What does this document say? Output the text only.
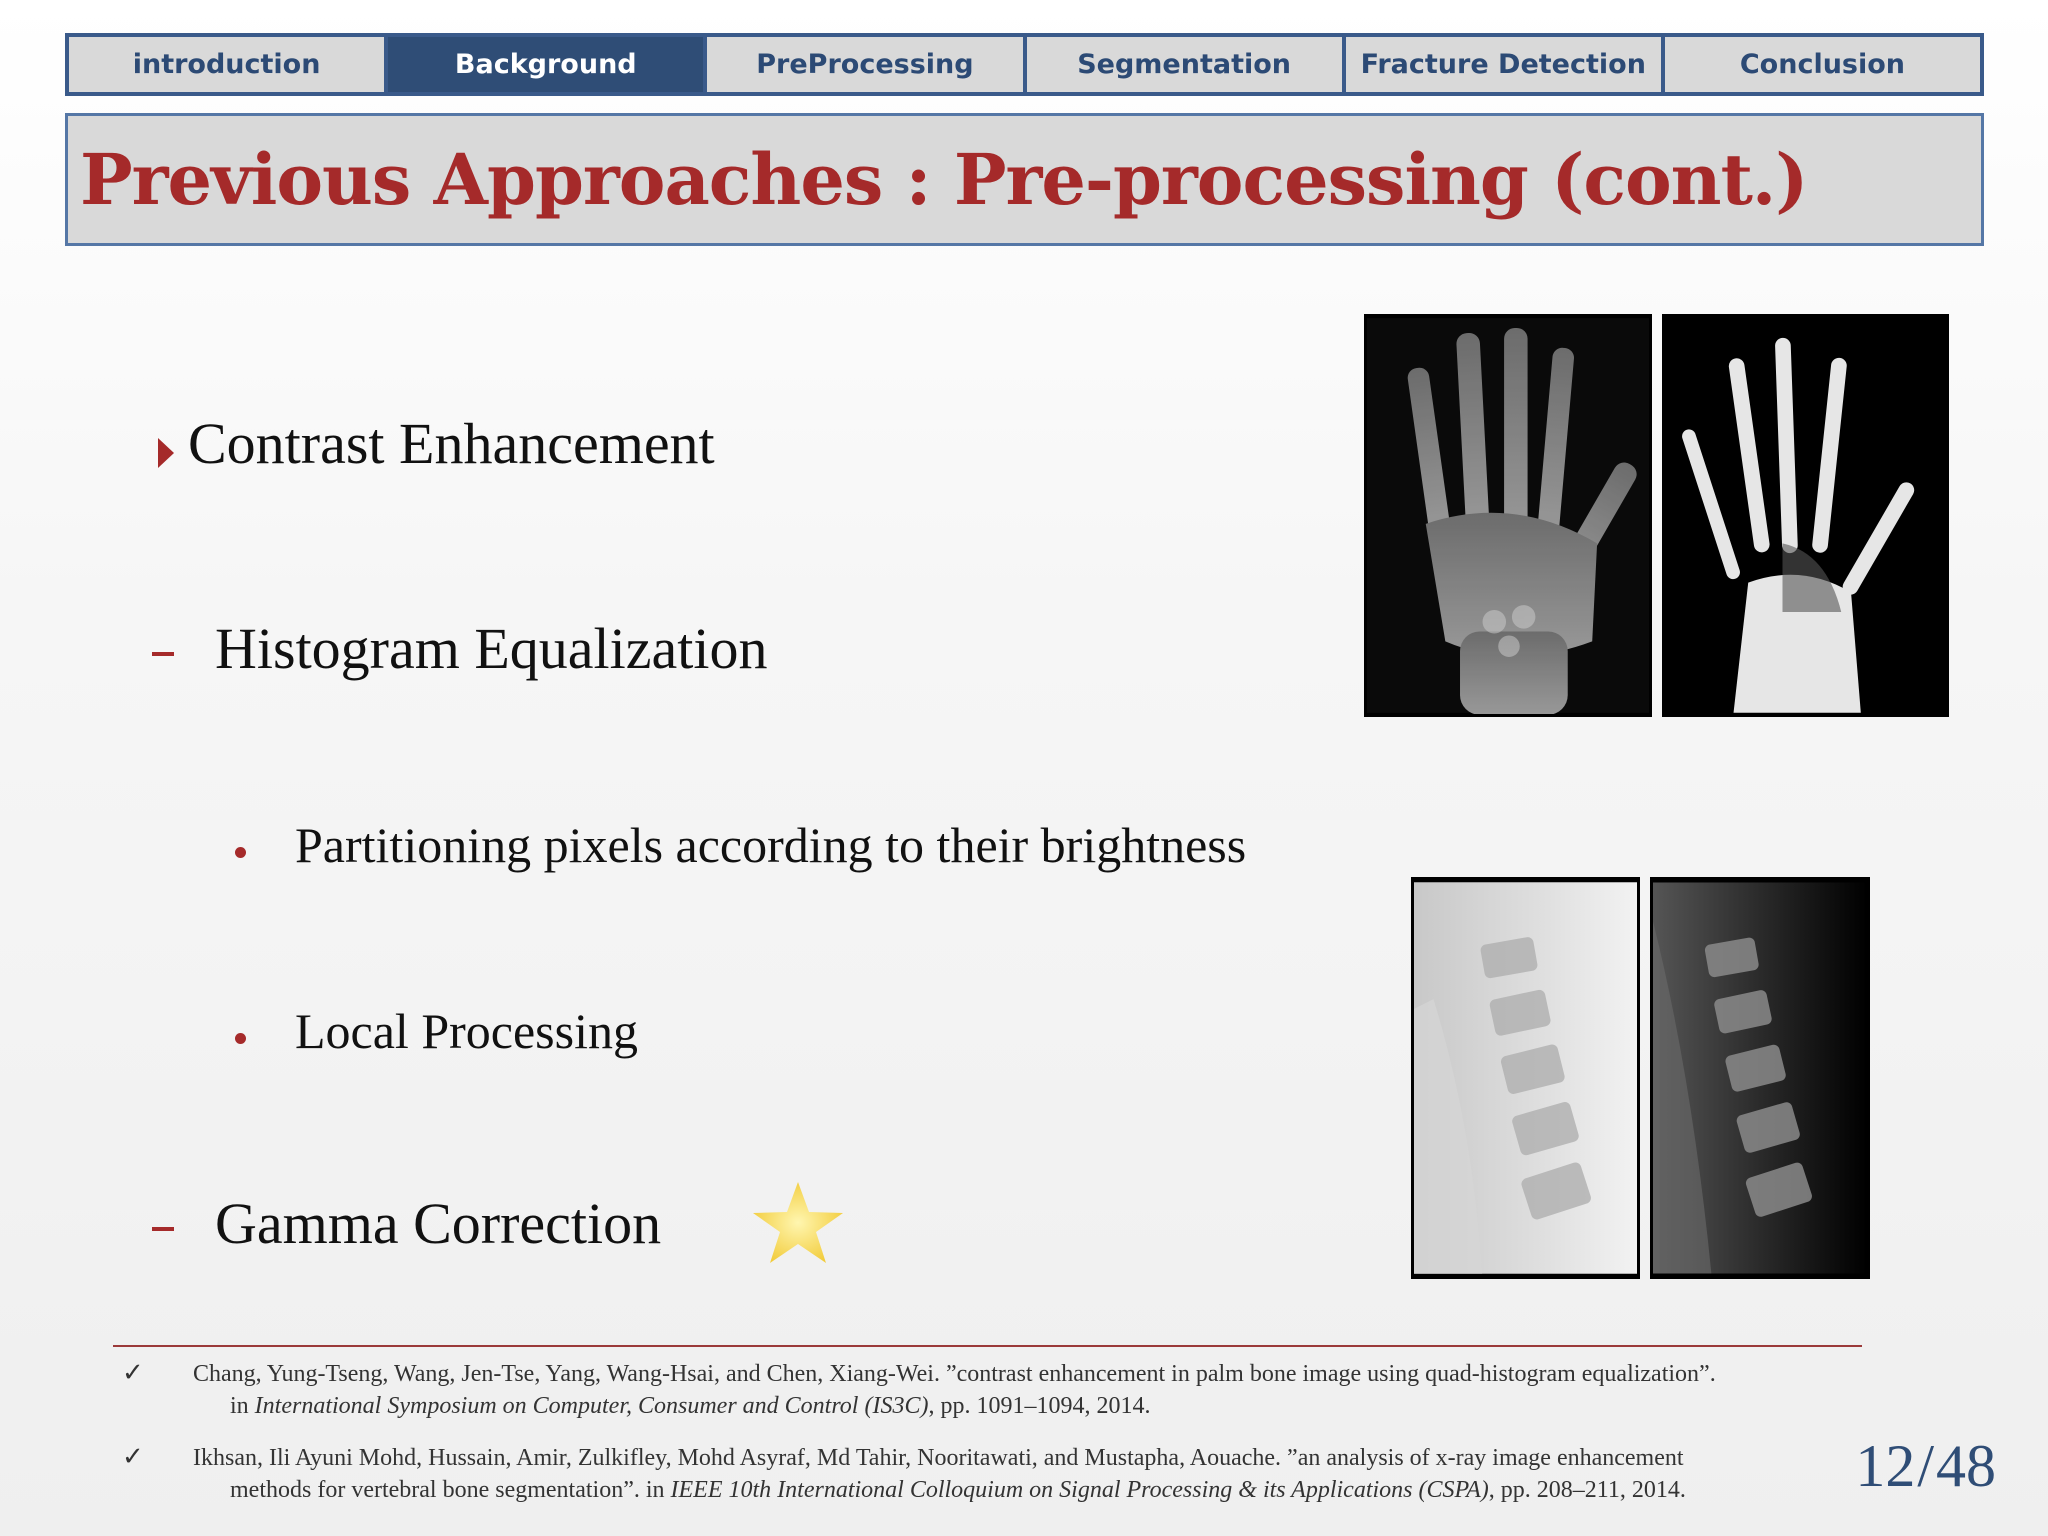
introduction	Background	PreProcessing	Segmentation	Fracture Detection	Conclusion
Previous Approaches : Pre-processing (cont.)
Contrast Enhancement
Histogram Equalization
Partitioning pixels according to their brightness
Local Processing
Gamma Correction
✓ Chang, Yung-Tseng, Wang, Jen-Tse, Yang, Wang-Hsai, and Chen, Xiang-Wei. ”contrast enhancement in palm bone image using quad-histogram equalization”.
in International Symposium on Computer, Consumer and Control (IS3C), pp. 1091–1094, 2014.
✓ Ikhsan, Ili Ayuni Mohd, Hussain, Amir, Zulkifley, Mohd Asyraf, Md Tahir, Nooritawati, and Mustapha, Aouache. ”an analysis of x-ray image enhancement
methods for vertebral bone segmentation”. in IEEE 10th International Colloquium on Signal Processing & its Applications (CSPA), pp. 208–211, 2014.	12/48
